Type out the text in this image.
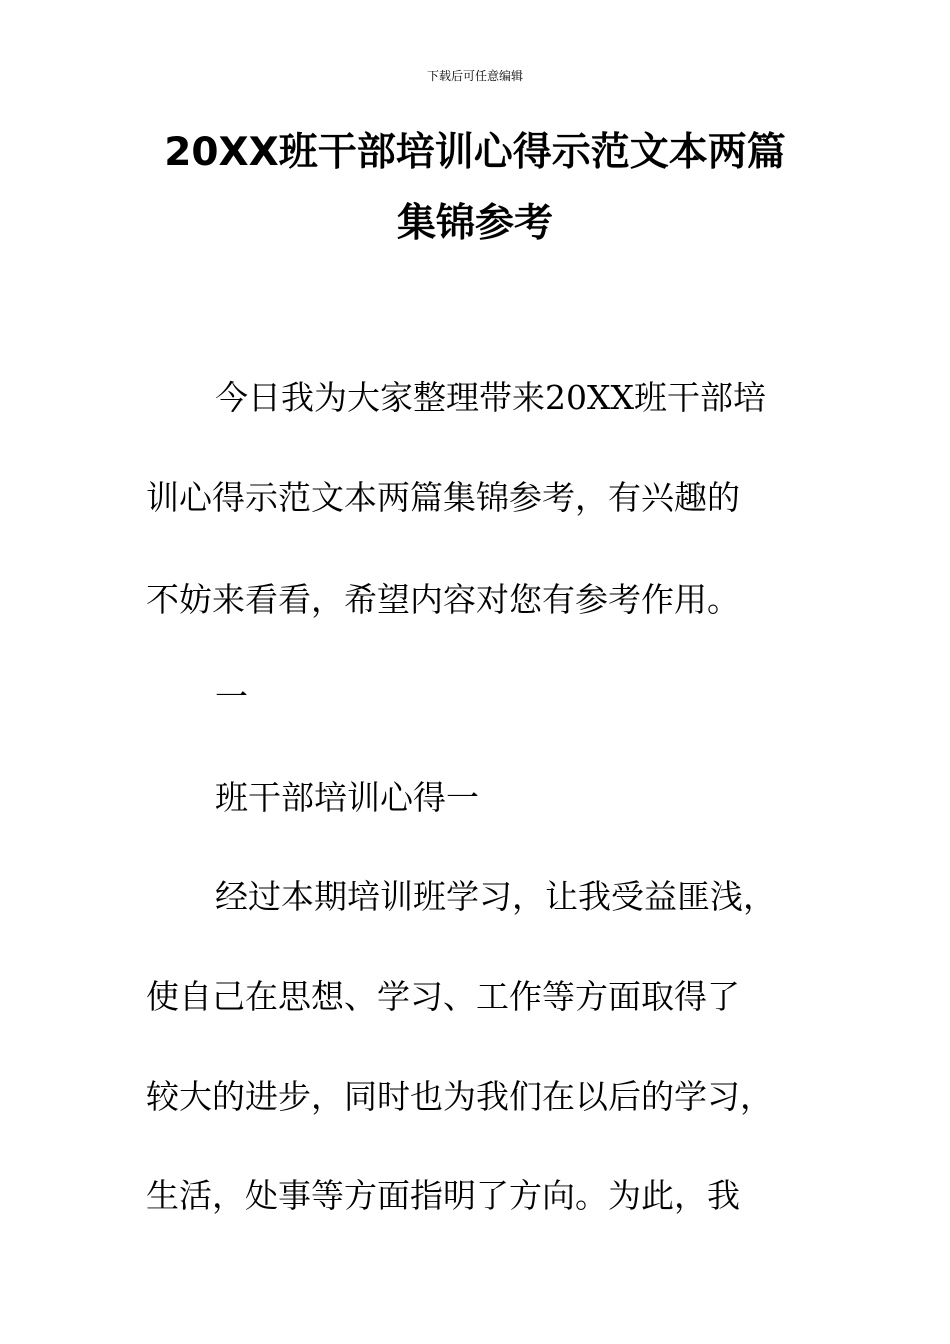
下载后可任意编辑
20XX班干部培训心得示范文本两篇
集锦参考
今日我为大家整理带来20XX班干部培
训心得示范文本两篇集锦参考，有兴趣的
不妨来看看，希望内容对您有参考作用。
一
班干部培训心得一
经过本期培训班学习，让我受益匪浅，
使自己在思想、学习、工作等方面取得了
较大的进步，同时也为我们在以后的学习，
生活，处事等方面指明了方向。为此，我
